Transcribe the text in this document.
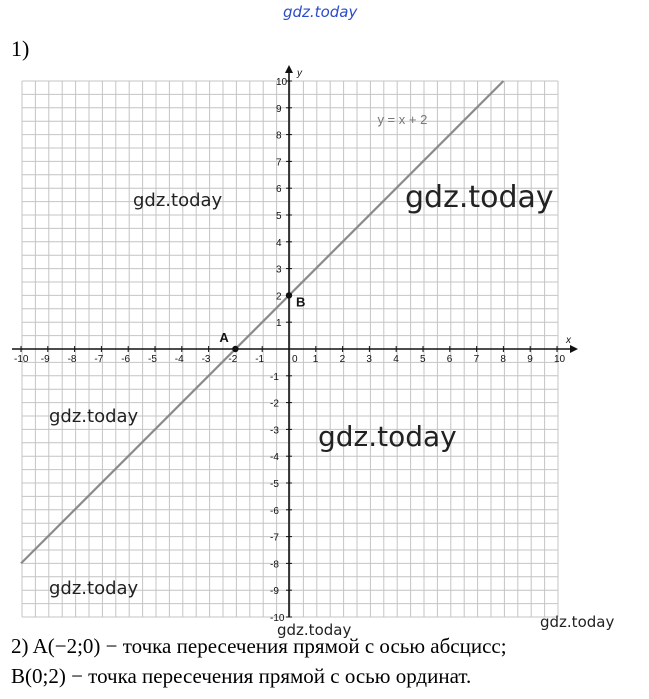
gdz.today
1)
x
y
-10 -9 -8 -7 -6 -5 -4 -3 -2 -1	0 1 2 3 4 5 6 7 8 9 10
10
9
8
7
6
5
4
3
2
1
-1
-2
-3
-4
-5
-6
-7
-8
-9
-10
y = x + 2
A
B
gdz.today	gdz.today
gdz.today
gdz.today
gdz.today
gdz.today	gdz.today
2) A(−2;0) − точка пересечения прямой с осью абсцисс;
B(0;2) − точка пересечения прямой с осью ординат.
